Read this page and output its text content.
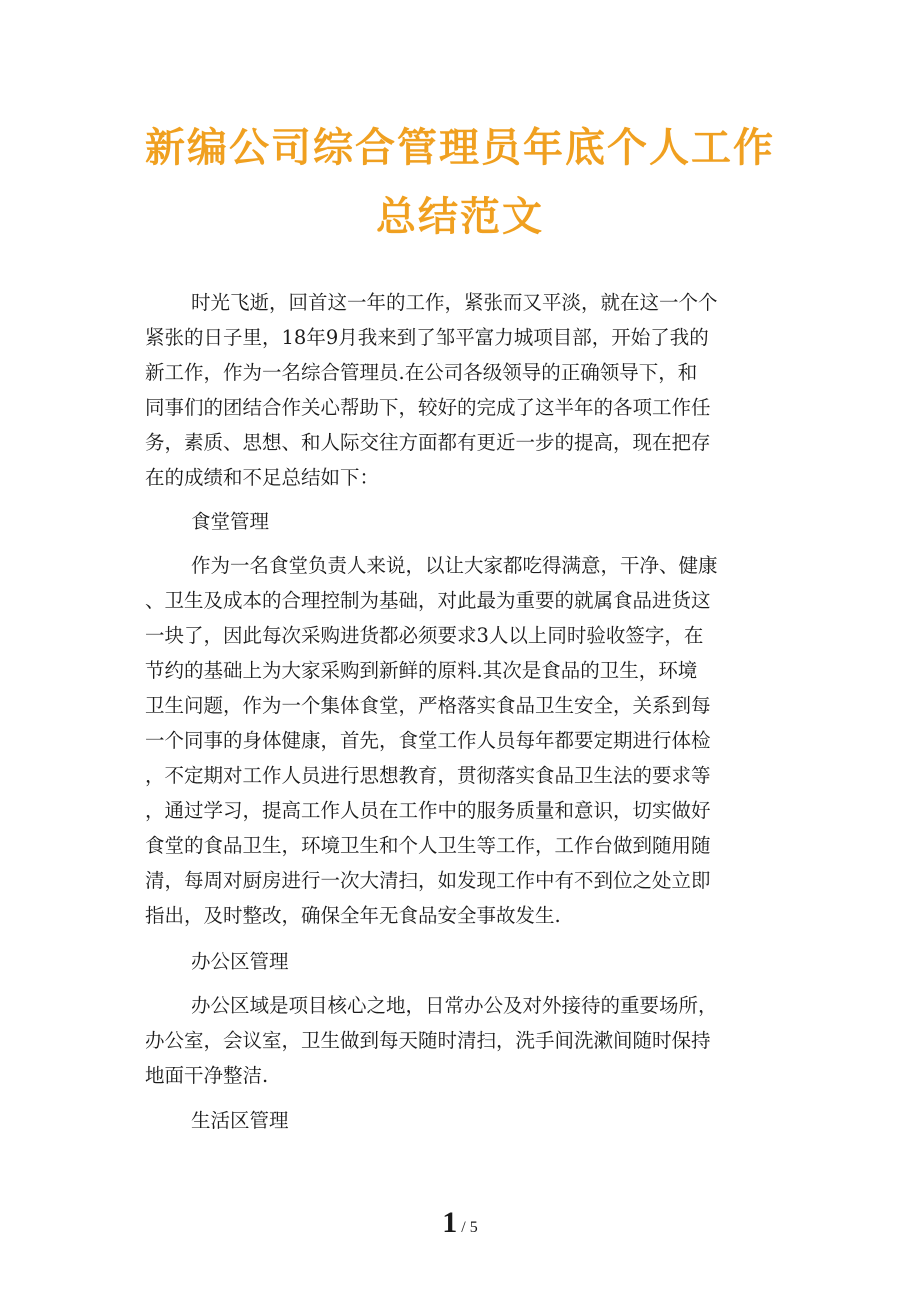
新编公司综合管理员年底个人工作
总结范文
时光飞逝，回首这一年的工作，紧张而又平淡，就在这一个个
紧张的日子里，18年9月我来到了邹平富力城项目部，开始了我的
新工作，作为一名综合管理员.在公司各级领导的正确领导下，和
同事们的团结合作关心帮助下，较好的完成了这半年的各项工作任
务，素质、思想、和人际交往方面都有更近一步的提高，现在把存
在的成绩和不足总结如下：
食堂管理
作为一名食堂负责人来说，以让大家都吃得满意，干净、健康
、卫生及成本的合理控制为基础，对此最为重要的就属食品进货这
一块了，因此每次采购进货都必须要求3人以上同时验收签字，在
节约的基础上为大家采购到新鲜的原料.其次是食品的卫生，环境
卫生问题，作为一个集体食堂，严格落实食品卫生安全，关系到每
一个同事的身体健康，首先，食堂工作人员每年都要定期进行体检
，不定期对工作人员进行思想教育，贯彻落实食品卫生法的要求等
，通过学习，提高工作人员在工作中的服务质量和意识，切实做好
食堂的食品卫生，环境卫生和个人卫生等工作，工作台做到随用随
清，每周对厨房进行一次大清扫，如发现工作中有不到位之处立即
指出，及时整改，确保全年无食品安全事故发生.
办公区管理
办公区域是项目核心之地，日常办公及对外接待的重要场所，
办公室，会议室，卫生做到每天随时清扫，洗手间洗漱间随时保持
地面干净整洁.
生活区管理
1 / 5
